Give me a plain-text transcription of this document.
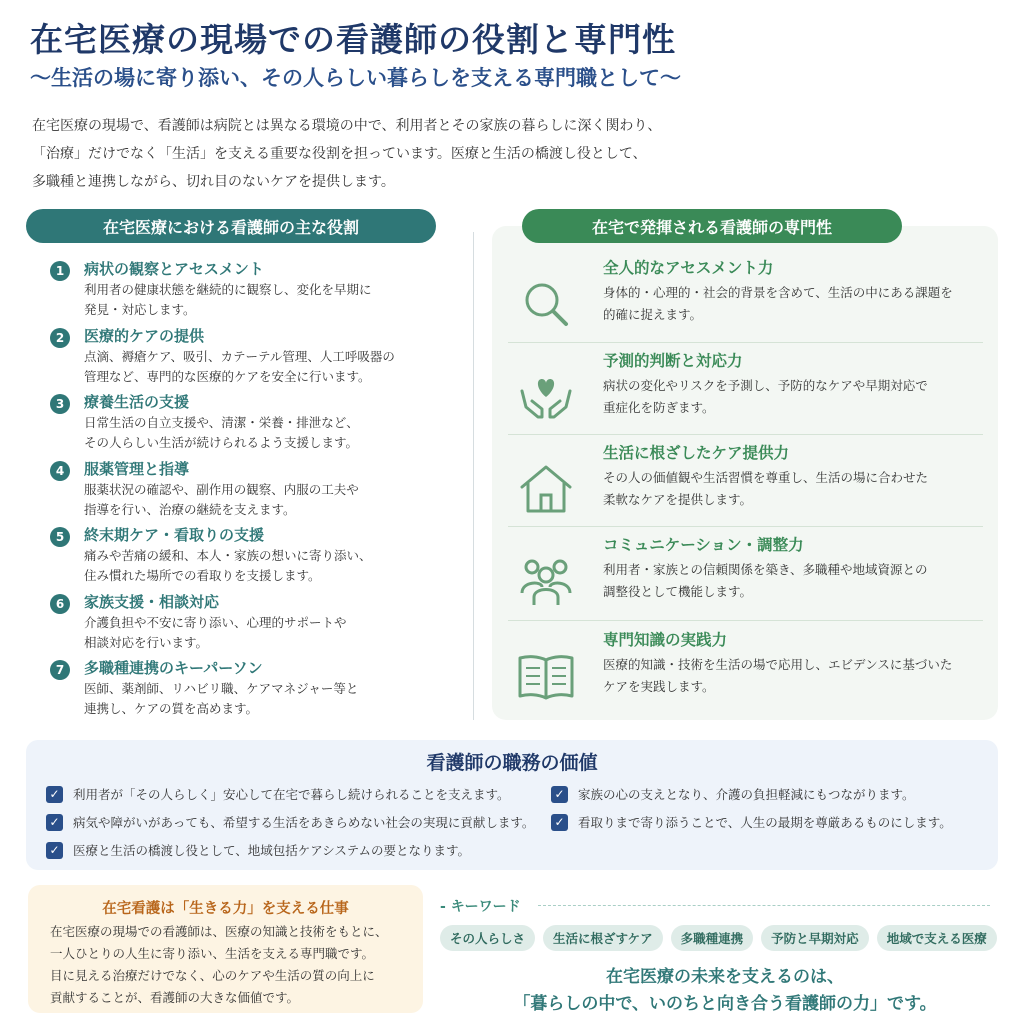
在宅医療の現場での看護師の役割と専門性
〜生活の場に寄り添い、その人らしい暮らしを支える専門職として〜

在宅医療の現場で、看護師は病院とは異なる環境の中で、利用者とその家族の暮らしに深く関わり、

「治療」だけでなく「生活」を支える重要な役割を担っています。医療と生活の橋渡し役として、

多職種と連携しながら、切れ目のないケアを提供します。

在宅医療における看護師の主な役割
1	病状の観察とアセスメント
利用者の健康状態を継続的に観察し、変化を早期に
発見・対応します。
2	医療的ケアの提供
点滴、褥瘡ケア、吸引、カテーテル管理、人工呼吸器の
管理など、専門的な医療的ケアを安全に行います。
3	療養生活の支援
日常生活の自立支援や、清潔・栄養・排泄など、
その人らしい生活が続けられるよう支援します。
4	服薬管理と指導
服薬状況の確認や、副作用の観察、内服の工夫や
指導を行い、治療の継続を支えます。
5	終末期ケア・看取りの支援
痛みや苦痛の緩和、本人・家族の想いに寄り添い、
住み慣れた場所での看取りを支援します。
6	家族支援・相談対応
介護負担や不安に寄り添い、心理的サポートや
相談対応を行います。
7	多職種連携のキーパーソン
医師、薬剤師、リハビリ職、ケアマネジャー等と
連携し、ケアの質を高めます。
在宅で発揮される看護師の専門性
全人的なアセスメント力
身体的・心理的・社会的背景を含めて、生活の中にある課題を
的確に捉えます。
予測的判断と対応力
病状の変化やリスクを予測し、予防的なケアや早期対応で
重症化を防ぎます。
生活に根ざしたケア提供力
その人の価値観や生活習慣を尊重し、生活の場に合わせた
柔軟なケアを提供します。
コミュニケーション・調整力
利用者・家族との信頼関係を築き、多職種や地域資源との
調整役として機能します。
専門知識の実践力
医療的知識・技術を生活の場で応用し、エビデンスに基づいた
ケアを実践します。
看護師の職務の価値
✓ 利用者が「その人らしく」安心して在宅で暮らし続けられることを支えます。	✓ 家族の心の支えとなり、介護の負担軽減にもつながります。
✓ 病気や障がいがあっても、希望する生活をあきらめない社会の実現に貢献します。 ✓ 看取りまで寄り添うことで、人生の最期を尊厳あるものにします。
✓ 医療と生活の橋渡し役として、地域包括ケアシステムの要となります。
在宅看護は「生きる力」を支える仕事
在宅医療の現場での看護師は、医療の知識と技術をもとに、
一人ひとりの人生に寄り添い、生活を支える専門職です。
目に見える治療だけでなく、心のケアや生活の質の向上に
貢献することが、看護師の大きな価値です。
- キーワード
その人らしさ	生活に根ざすケア	多職種連携	予防と早期対応	地域で支える医療
在宅医療の未来を支えるのは、
「暮らしの中で、いのちと向き合う看護師の力」です。
